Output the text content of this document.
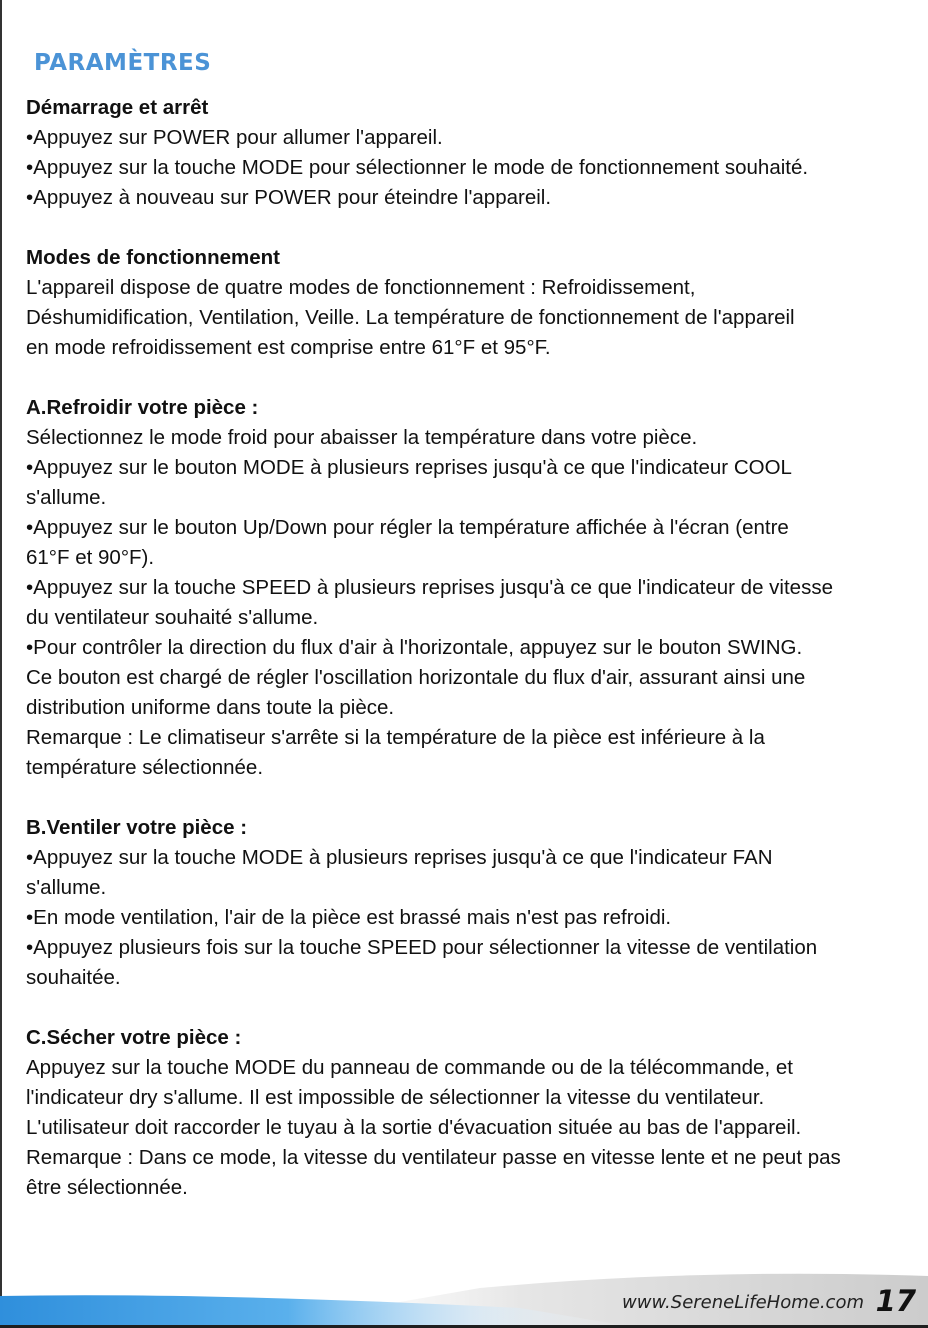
PARAMÈTRES

Démarrage et arrêt

•Appuyez sur POWER pour allumer l'appareil.

•Appuyez sur la touche MODE pour sélectionner le mode de fonctionnement souhaité.

•Appuyez à nouveau sur POWER pour éteindre l'appareil.

Modes de fonctionnement

L'appareil dispose de quatre modes de fonctionnement : Refroidissement,

Déshumidification, Ventilation, Veille. La température de fonctionnement de l'appareil

en mode refroidissement est comprise entre 61°F et 95°F.

A.Refroidir votre pièce :

Sélectionnez le mode froid pour abaisser la température dans votre pièce.

•Appuyez sur le bouton MODE à plusieurs reprises jusqu'à ce que l'indicateur COOL

s'allume.

•Appuyez sur le bouton Up/Down pour régler la température affichée à l'écran (entre

61°F et 90°F).

•Appuyez sur la touche SPEED à plusieurs reprises jusqu'à ce que l'indicateur de vitesse

du ventilateur souhaité s'allume.

•Pour contrôler la direction du flux d'air à l'horizontale, appuyez sur le bouton SWING.

Ce bouton est chargé de régler l'oscillation horizontale du flux d'air, assurant ainsi une

distribution uniforme dans toute la pièce.

Remarque : Le climatiseur s'arrête si la température de la pièce est inférieure à la

température sélectionnée.

B.Ventiler votre pièce :

•Appuyez sur la touche MODE à plusieurs reprises jusqu'à ce que l'indicateur FAN

s'allume.

•En mode ventilation, l'air de la pièce est brassé mais n'est pas refroidi.

•Appuyez plusieurs fois sur la touche SPEED pour sélectionner la vitesse de ventilation

souhaitée.

C.Sécher votre pièce :

Appuyez sur la touche MODE du panneau de commande ou de la télécommande, et

l'indicateur dry s'allume. Il est impossible de sélectionner la vitesse du ventilateur.

L'utilisateur doit raccorder le tuyau à la sortie d'évacuation située au bas de l'appareil.

Remarque : Dans ce mode, la vitesse du ventilateur passe en vitesse lente et ne peut pas

être sélectionnée.

www.SereneLifeHome.com 17
